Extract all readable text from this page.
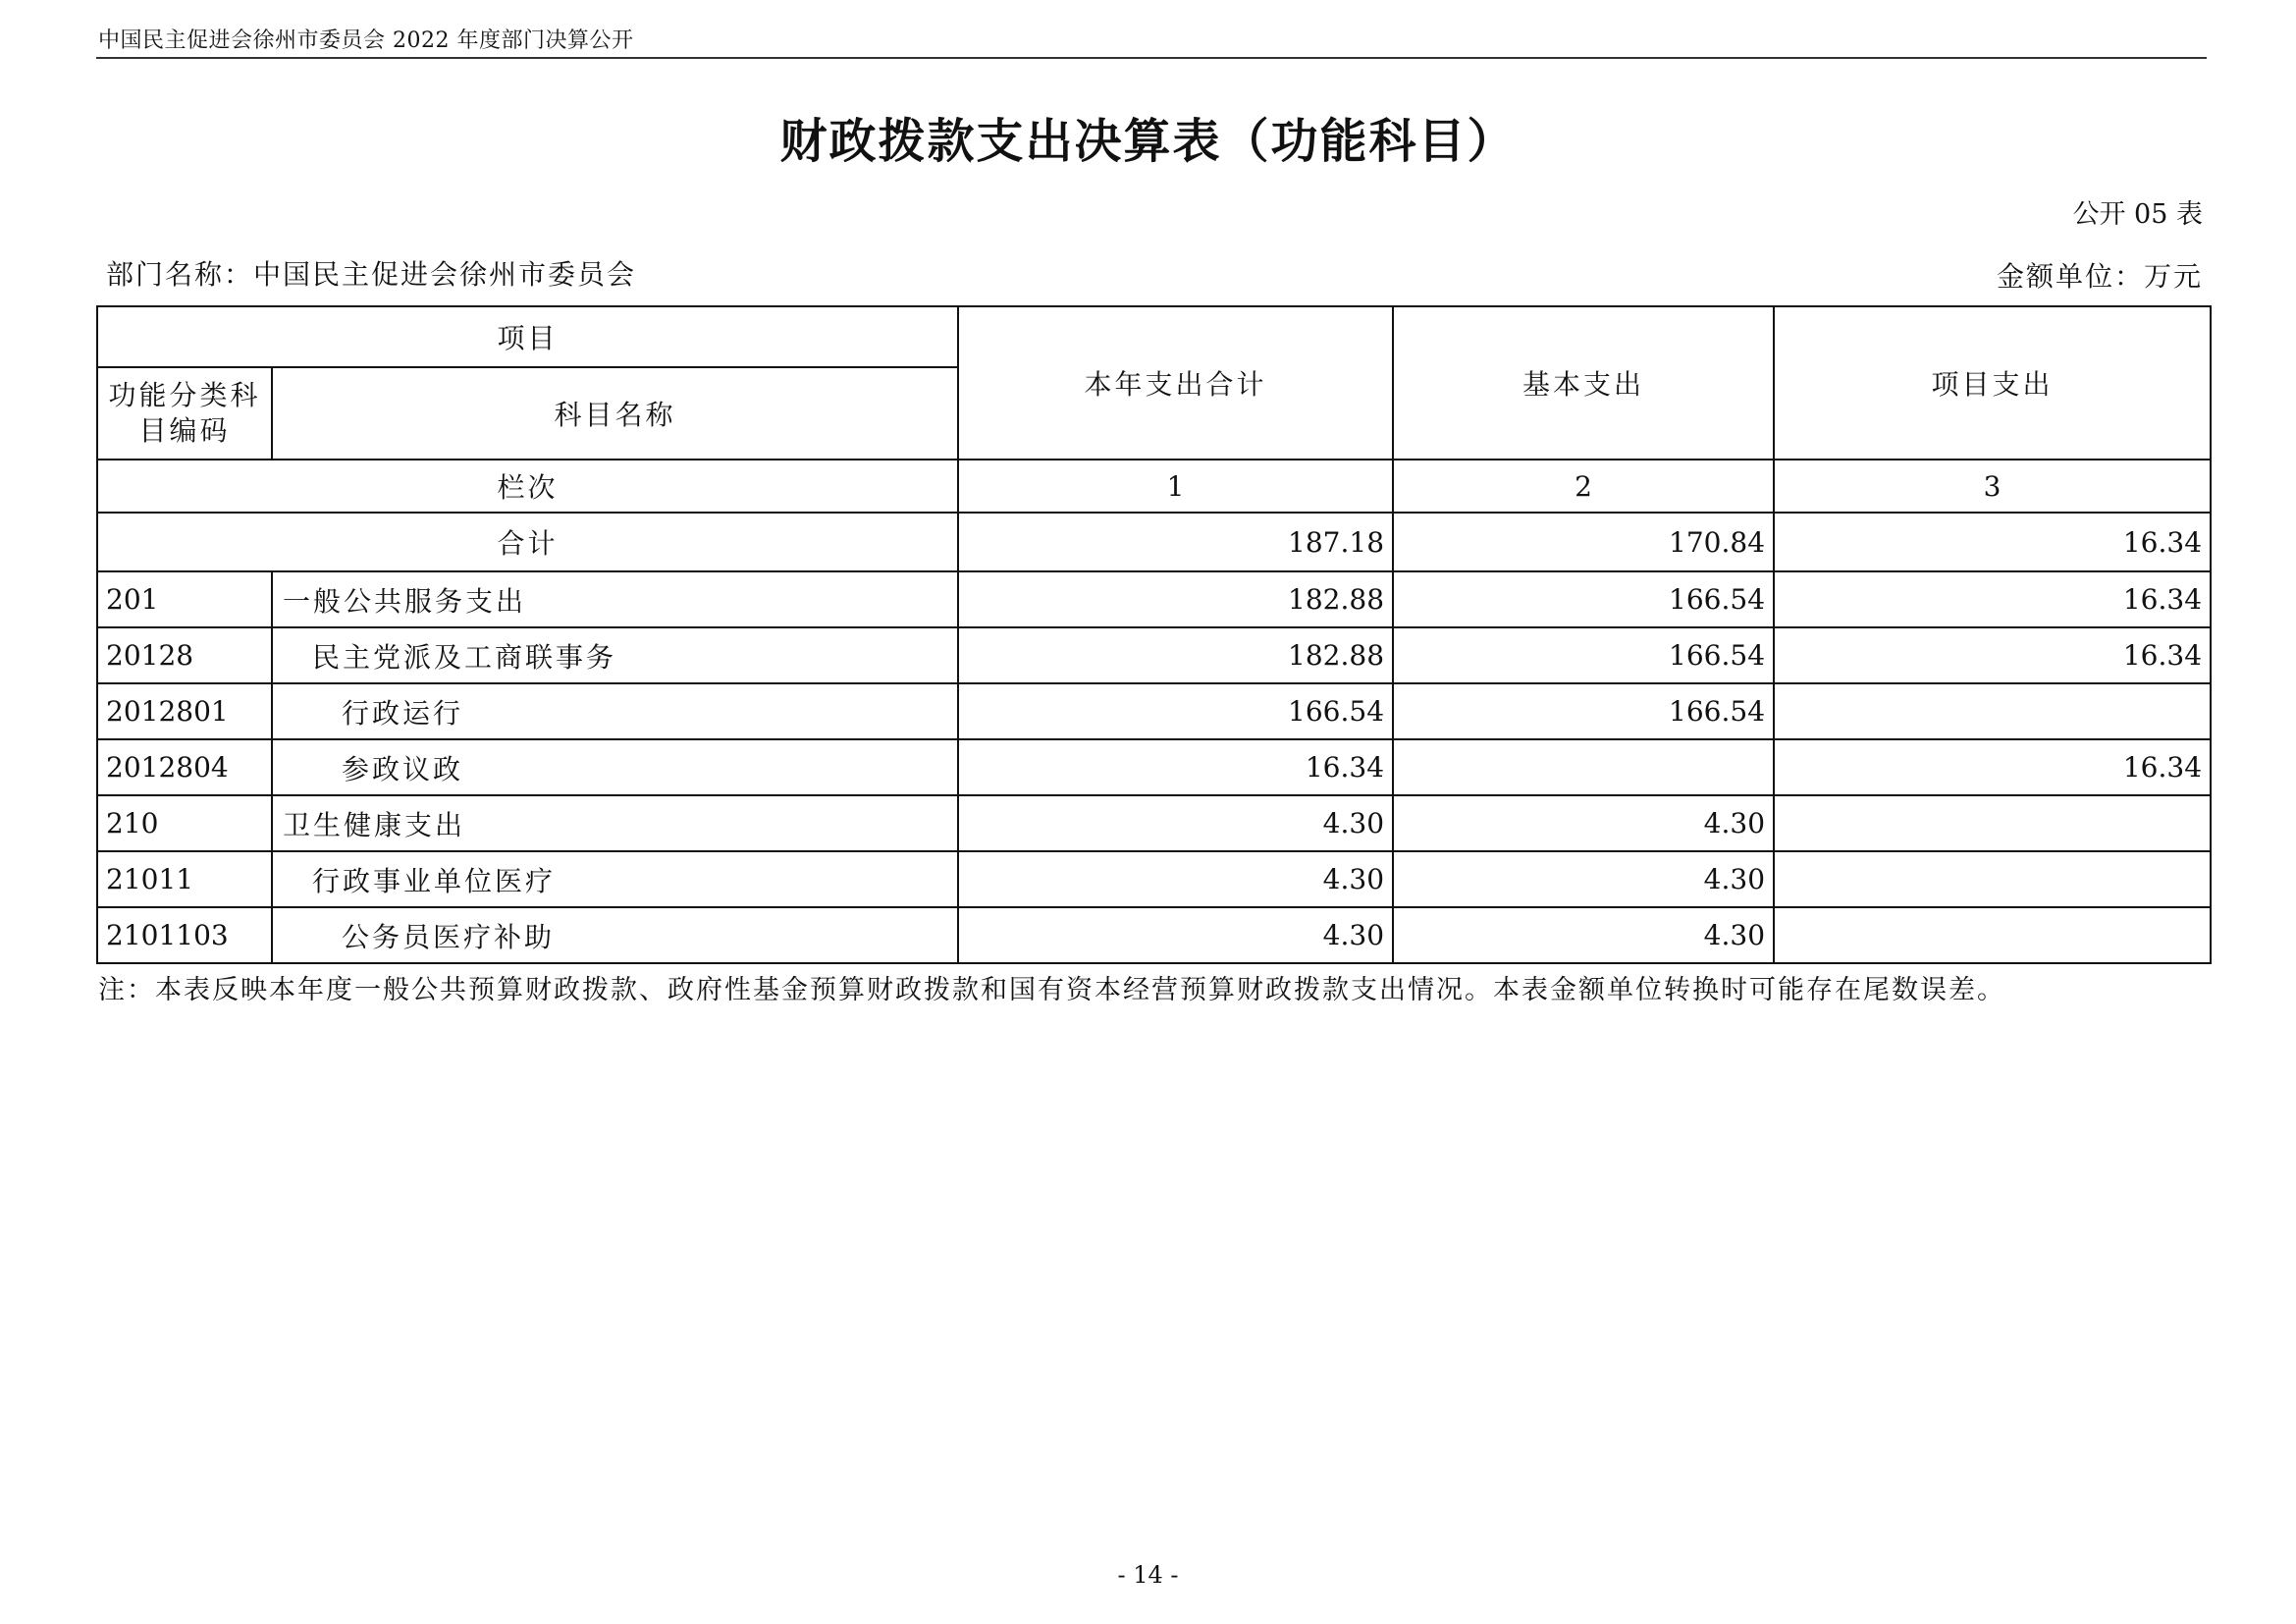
中国民主促进会徐州市委员会 2022 年度部门决算公开
财政拨款支出决算表（功能科目）
公开 05 表
部门名称：中国民主促进会徐州市委员会	金额单位：万元
项目		本年支出合计	基本支出	项目支出
功能分类科目编码	科目名称			
栏次		1	2	3
合计		187.18	170.84	16.34
201	一般公共服务支出	182.88	166.54	16.34
20128	民主党派及工商联事务	182.88	166.54	16.34
2012801	行政运行	166.54	166.54	
2012804	参政议政	16.34		16.34
210	卫生健康支出	4.30	4.30	
21011	行政事业单位医疗	4.30	4.30	
2101103	公务员医疗补助	4.30	4.30	
注：本表反映本年度一般公共预算财政拨款、政府性基金预算财政拨款和国有资本经营预算财政拨款支出情况。本表金额单位转换时可能存在尾数误差。
- 14 -
